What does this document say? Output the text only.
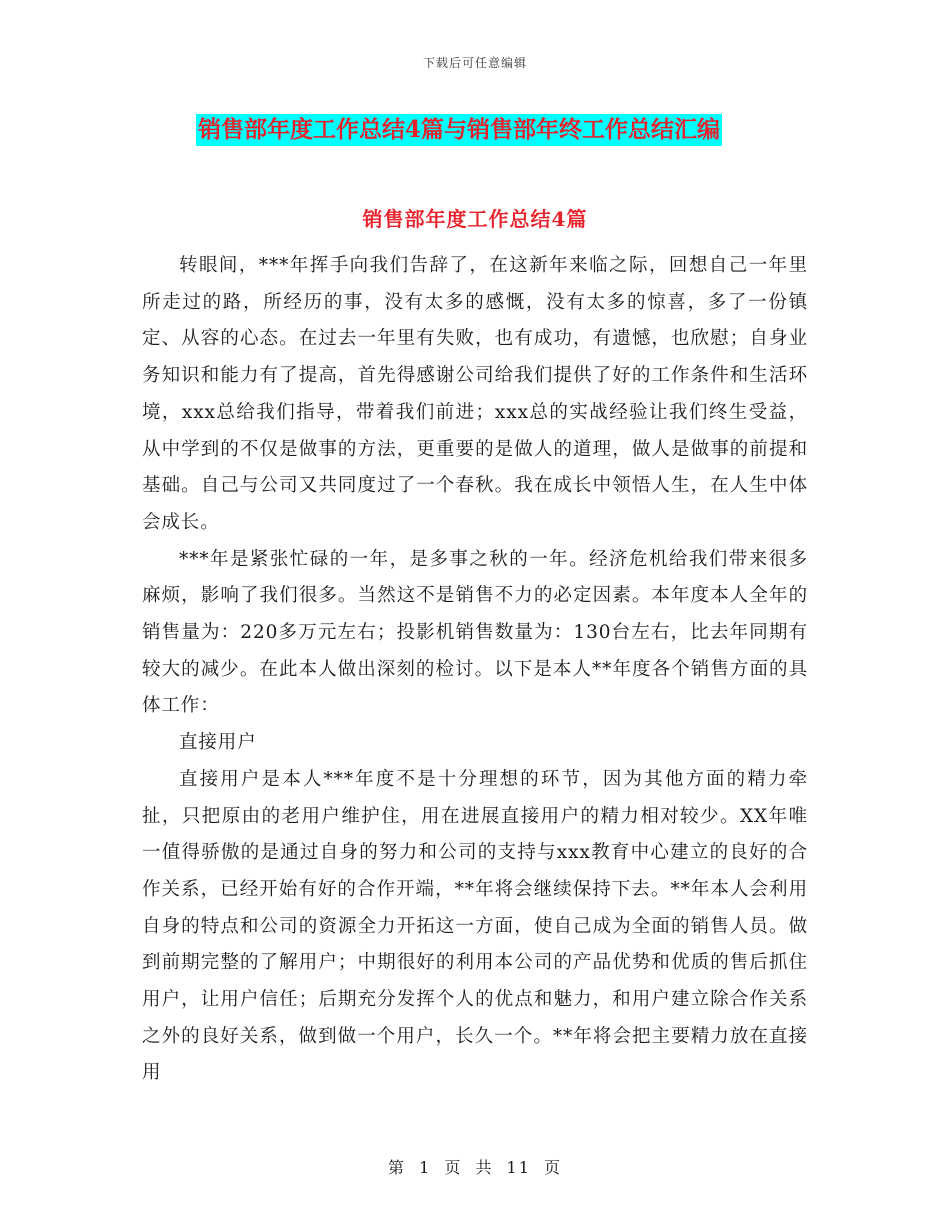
下载后可任意编辑
销售部年度工作总结4篇与销售部年终工作总结汇编
销售部年度工作总结4篇

转眼间，***年挥手向我们告辞了，在这新年来临之际，回想自己一年里所走过的路，所经历的事，没有太多的感慨，没有太多的惊喜，多了一份镇定、从容的心态。在过去一年里有失败，也有成功，有遗憾，也欣慰；自身业务知识和能力有了提高，首先得感谢公司给我们提供了好的工作条件和生活环境，xxx总给我们指导，带着我们前进；xxx总的实战经验让我们终生受益，从中学到的不仅是做事的方法，更重要的是做人的道理，做人是做事的前提和基础。自己与公司又共同度过了一个春秋。我在成长中领悟人生，在人生中体会成长。

***年是紧张忙碌的一年，是多事之秋的一年。经济危机给我们带来很多麻烦，影响了我们很多。当然这不是销售不力的必定因素。本年度本人全年的销售量为：220多万元左右；投影机销售数量为：130台左右，比去年同期有较大的减少。在此本人做出深刻的检讨。以下是本人**年度各个销售方面的具体工作：

直接用户

直接用户是本人***年度不是十分理想的环节，因为其他方面的精力牵扯，只把原由的老用户维护住，用在进展直接用户的精力相对较少。XX年唯一值得骄傲的是通过自身的努力和公司的支持与xxx教育中心建立的良好的合作关系，已经开始有好的合作开端，**年将会继续保持下去。**年本人会利用自身的特点和公司的资源全力开拓这一方面，使自己成为全面的销售人员。做到前期完整的了解用户；中期很好的利用本公司的产品优势和优质的售后抓住用户，让用户信任；后期充分发挥个人的优点和魅力，和用户建立除合作关系之外的良好关系，做到做一个用户，长久一个。**年将会把主要精力放在直接用

第 1 页 共 11 页
